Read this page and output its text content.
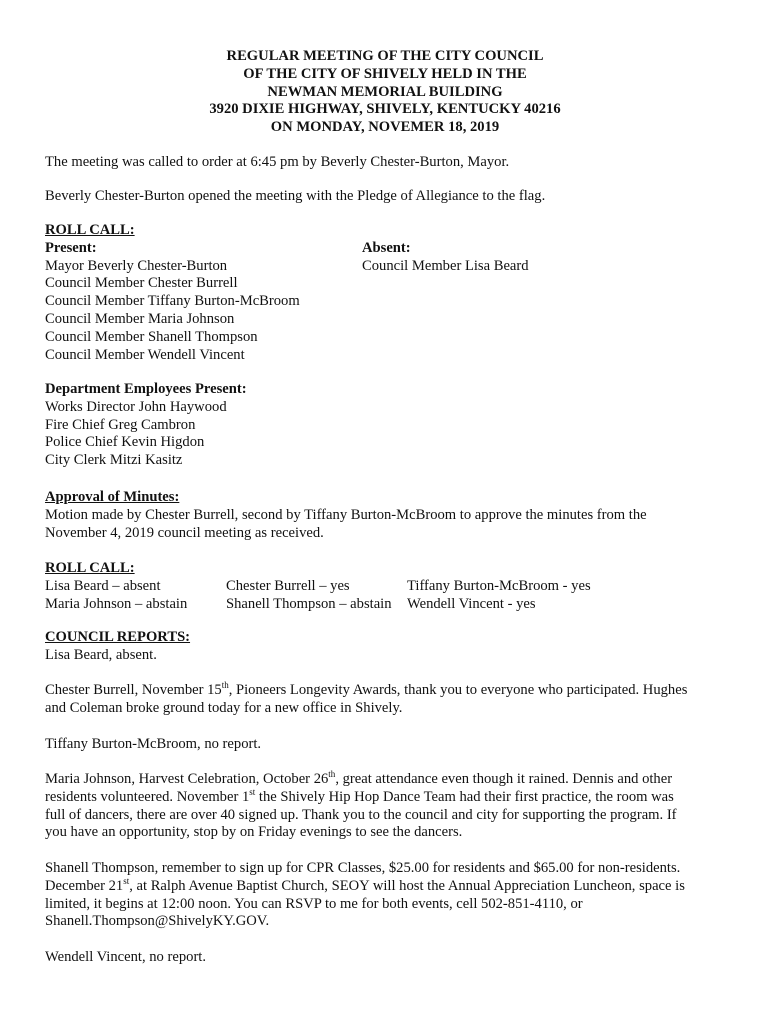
REGULAR MEETING OF THE CITY COUNCIL
OF THE CITY OF SHIVELY HELD IN THE
NEWMAN MEMORIAL BUILDING
3920 DIXIE HIGHWAY, SHIVELY, KENTUCKY 40216
ON MONDAY, NOVEMER 18, 2019
The meeting was called to order at 6:45 pm by Beverly Chester-Burton, Mayor.
Beverly Chester-Burton opened the meeting with the Pledge of Allegiance to the flag.
ROLL CALL:
Present:
Mayor Beverly Chester-Burton
Council Member Chester Burrell
Council Member Tiffany Burton-McBroom
Council Member Maria Johnson
Council Member Shanell Thompson
Council Member Wendell Vincent
Absent:
Council Member Lisa Beard
Department Employees Present:
Works Director John Haywood
Fire Chief Greg Cambron
Police Chief Kevin Higdon
City Clerk Mitzi Kasitz
Approval of Minutes:
Motion made by Chester Burrell, second by Tiffany Burton-McBroom to approve the minutes from the
November 4, 2019 council meeting as received.
ROLL CALL:
Lisa Beard – absent	Chester Burrell – yes	Tiffany Burton-McBroom - yes
Maria Johnson – abstain	Shanell Thompson – abstain Wendell Vincent - yes
COUNCIL REPORTS:
Lisa Beard, absent.
Chester Burrell, November 15th, Pioneers Longevity Awards, thank you to everyone who participated. Hughes
and Coleman broke ground today for a new office in Shively.
Tiffany Burton-McBroom, no report.
Maria Johnson, Harvest Celebration, October 26th, great attendance even though it rained. Dennis and other
residents volunteered. November 1st the Shively Hip Hop Dance Team had their first practice, the room was
full of dancers, there are over 40 signed up. Thank you to the council and city for supporting the program. If
you have an opportunity, stop by on Friday evenings to see the dancers.
Shanell Thompson, remember to sign up for CPR Classes, $25.00 for residents and $65.00 for non-residents.
December 21st, at Ralph Avenue Baptist Church, SEOY will host the Annual Appreciation Luncheon, space is
limited, it begins at 12:00 noon. You can RSVP to me for both events, cell 502-851-4110, or
Shanell.Thompson@ShivelyKY.GOV.
Wendell Vincent, no report.
